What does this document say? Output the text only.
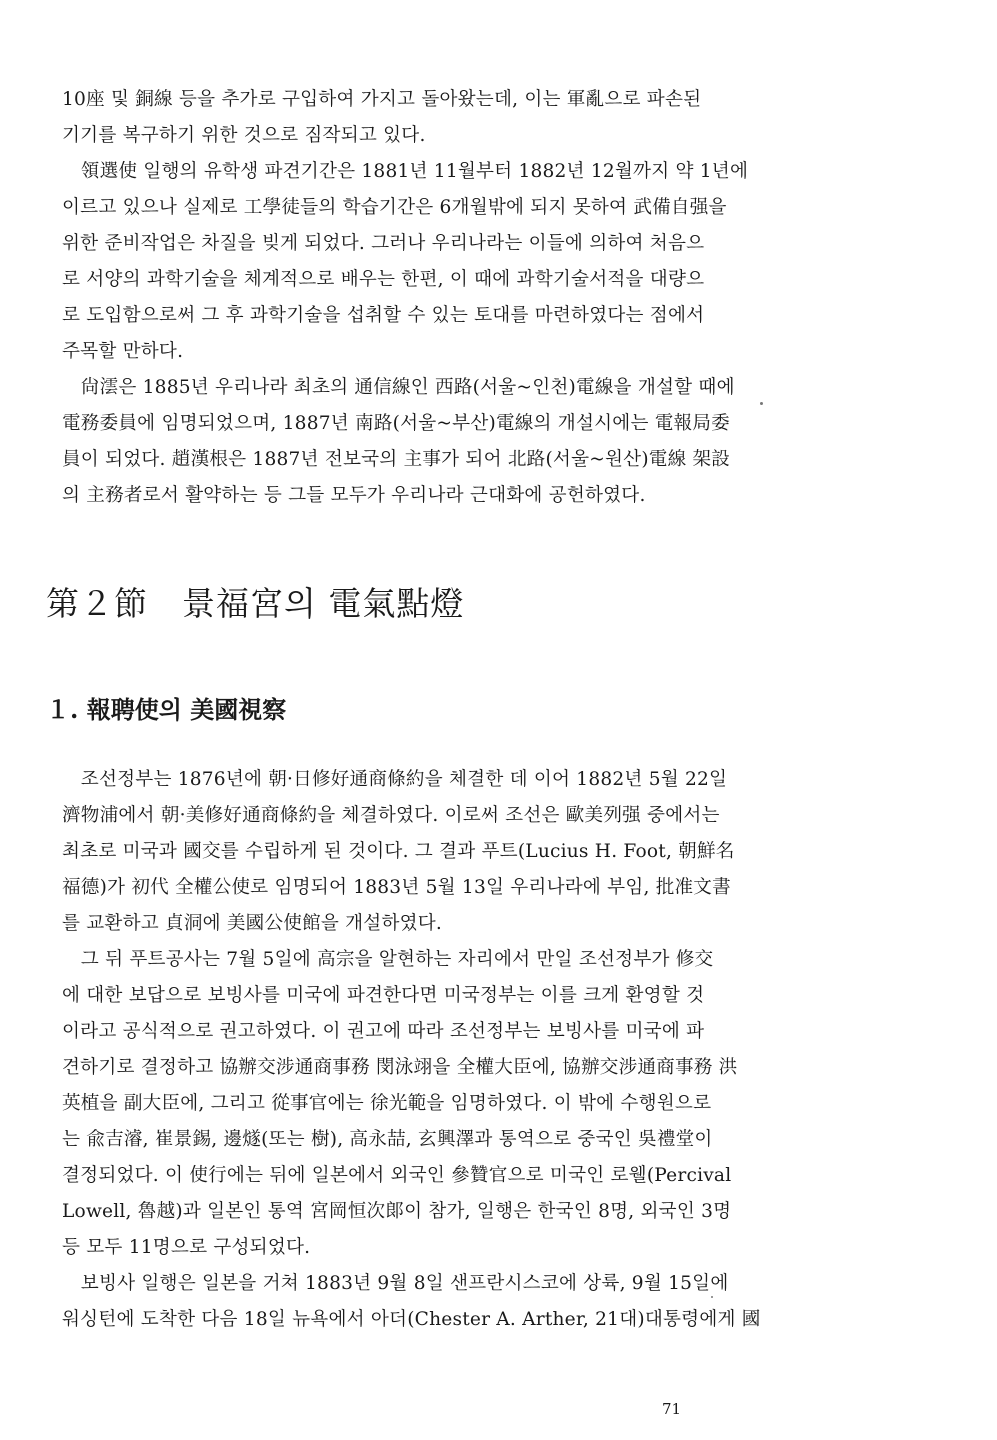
10座 및 銅線 등을 추가로 구입하여 가지고 돌아왔는데, 이는 軍亂으로 파손된
기기를 복구하기 위한 것으로 짐작되고 있다.
　領選使 일행의 유학생 파견기간은 1881년 11월부터 1882년 12월까지 약 1년에
이르고 있으나 실제로 工學徒들의 학습기간은 6개월밖에 되지 못하여 武備自强을
위한 준비작업은 차질을 빚게 되었다. 그러나 우리나라는 이들에 의하여 처음으
로 서양의 과학기술을 체계적으로 배우는 한편, 이 때에 과학기술서적을 대량으
로 도입함으로써 그 후 과학기술을 섭취할 수 있는 토대를 마련하였다는 점에서
주목할 만하다.
　尙澐은 1885년 우리나라 최초의 通信線인 西路(서울~인천)電線을 개설할 때에
電務委員에 임명되었으며, 1887년 南路(서울~부산)電線의 개설시에는 電報局委
員이 되었다. 趙漢根은 1887년 전보국의 主事가 되어 北路(서울~원산)電線 架設
의 主務者로서 활약하는 등 그들 모두가 우리나라 근대화에 공헌하였다.
第２節　景福宮의 電氣點燈
１. 報聘使의 美國視察
　조선정부는 1876년에 朝·日修好通商條約을 체결한 데 이어 1882년 5월 22일
濟物浦에서 朝·美修好通商條約을 체결하였다. 이로써 조선은 歐美列强 중에서는
최초로 미국과 國交를 수립하게 된 것이다. 그 결과 푸트(Lucius H. Foot, 朝鮮名
福德)가 初代 全權公使로 임명되어 1883년 5월 13일 우리나라에 부임, 批准文書
를 교환하고 貞洞에 美國公使館을 개설하였다.
　그 뒤 푸트공사는 7월 5일에 高宗을 알현하는 자리에서 만일 조선정부가 修交
에 대한 보답으로 보빙사를 미국에 파견한다면 미국정부는 이를 크게 환영할 것
이라고 공식적으로 권고하였다. 이 권고에 따라 조선정부는 보빙사를 미국에 파
견하기로 결정하고 協辦交涉通商事務 閔泳翊을 全權大臣에, 協辦交涉通商事務 洪
英植을 副大臣에, 그리고 從事官에는 徐光範을 임명하였다. 이 밖에 수행원으로
는 兪吉濬, 崔景錫, 邊燧(또는 樹), 高永喆, 玄興澤과 통역으로 중국인 吳禮堂이
결정되었다. 이 使行에는 뒤에 일본에서 외국인 參贊官으로 미국인 로웰(Percival
Lowell, 魯越)과 일본인 통역 宮岡恒次郞이 참가, 일행은 한국인 8명, 외국인 3명
등 모두 11명으로 구성되었다.
　보빙사 일행은 일본을 거쳐 1883년 9월 8일 샌프란시스코에 상륙, 9월 15일에
워싱턴에 도착한 다음 18일 뉴욕에서 아더(Chester A. Arther, 21대)대통령에게 國
71
